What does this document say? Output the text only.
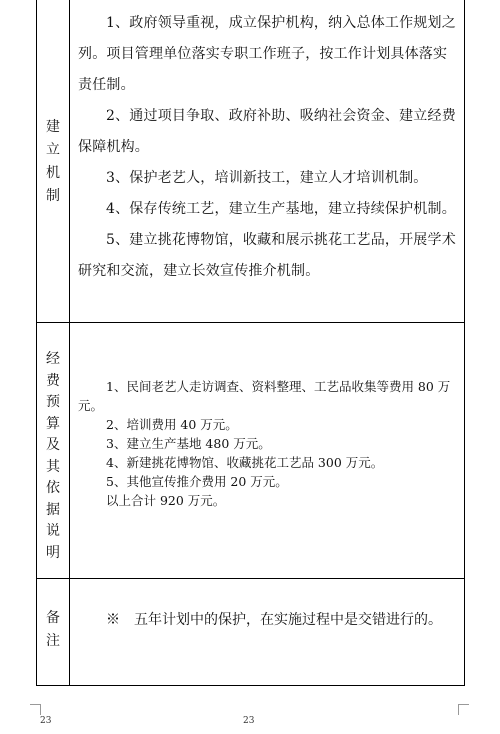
建立机制

1、政府领导重视，成立保护机构，纳入总体工作规划之列。项目管理单位落实专职工作班子，按工作计划具体落实责任制。

2、通过项目争取、政府补助、吸纳社会资金、建立经费保障机构。

3、保护老艺人，培训新技工，建立人才培训机制。

4、保存传统工艺，建立生产基地，建立持续保护机制。

5、建立挑花博物馆，收藏和展示挑花工艺品，开展学术研究和交流，建立长效宣传推介机制。

经费预算及其依据说明

1、民间老艺人走访调查、资料整理、工艺品收集等费用 80 万元。

2、培训费用 40 万元。

3、建立生产基地 480 万元。

4、新建挑花博物馆、收藏挑花工艺品 300 万元。

5、其他宣传推介费用 20 万元。

以上合计 920 万元。

备注

※　五年计划中的保护，在实施过程中是交错进行的。

23	23
